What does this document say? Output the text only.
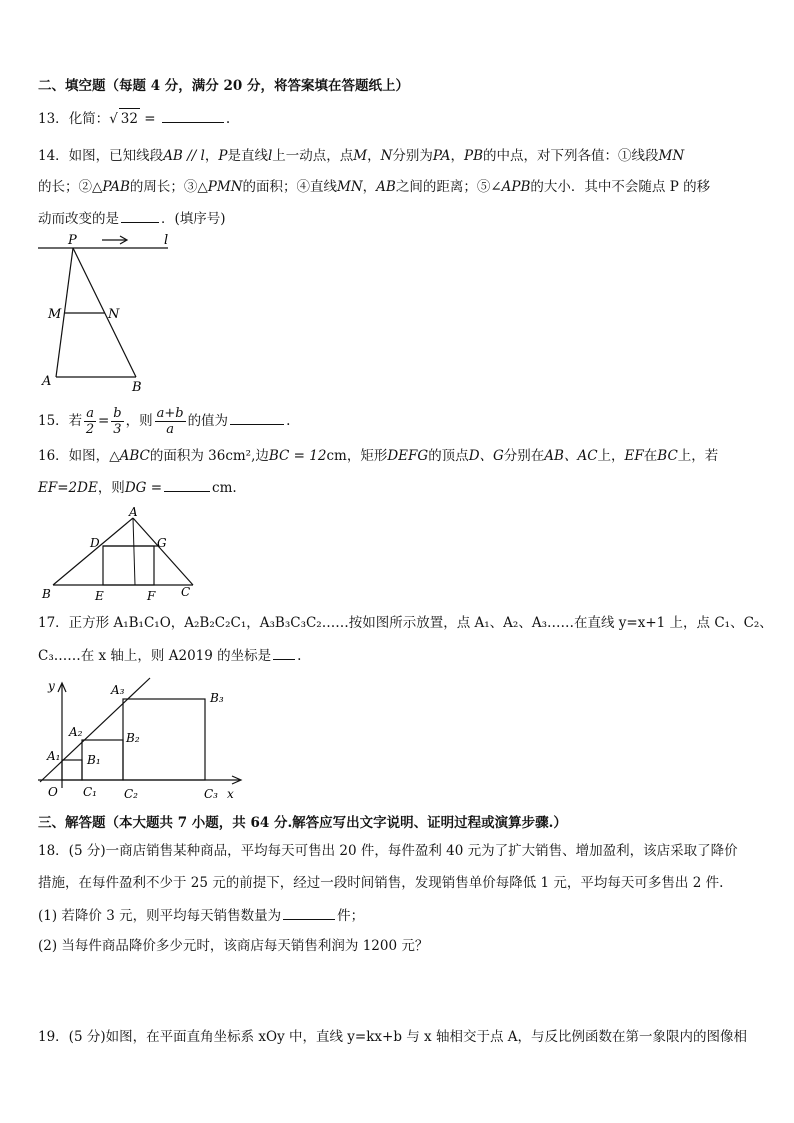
二、填空题（每题 4 分，满分 20 分，将答案填在答题纸上）
13．化简：√ 32 =	.
14．如图，已知线段AB // l，P是直线l上一动点，点M，N分别为PA，PB的中点，对下列各值：①线段MN
的长；②△PAB的周长；③△PMN的面积；④直线MN，AB之间的距离；⑤∠APB的大小．其中不会随点 P 的移
动而改变的是	．(填序号)
P	l
M	N
A	B
15．若 $\frac{a}{2} = \frac{b}{3}$ ，则 $\frac{a+b}{a}$ 的值为	.
16．如图，△ABC的面积为 36cm²,边BC = 12cm，矩形DEFG的顶点D、G分别在AB、AC上，EF在BC上，若
EF=2DE，则DG =	cm.
A
B	C
D
E	F
G
17．正方形 A₁B₁C₁O，A₂B₂C₂C₁，A₃B₃C₃C₂……按如图所示放置，点 A₁、A₂、A₃……在直线 y=x+1 上，点 C₁、C₂、
C₃……在 x 轴上，则 A2019 的坐标是 .
y
x
O
A₁
A₂
A₃
B₁
B₂
B₃
C₁ C₂	C₃
三、解答题（本大题共 7 小题，共 64 分.解答应写出文字说明、证明过程或演算步骤.）
18．(5 分)一商店销售某种商品，平均每天可售出 20 件，每件盈利 40 元为了扩大销售、增加盈利，该店采取了降价
措施，在每件盈利不少于 25 元的前提下，经过一段时间销售，发现销售单价每降低 1 元，平均每天可多售出 2 件.
(1) 若降价 3 元，则平均每天销售数量为	件；
(2) 当每件商品降价多少元时，该商店每天销售利润为 1200 元？
19．(5 分)如图，在平面直角坐标系 xOy 中，直线 y=kx+b 与 x 轴相交于点 A，与反比例函数在第一象限内的图像相
